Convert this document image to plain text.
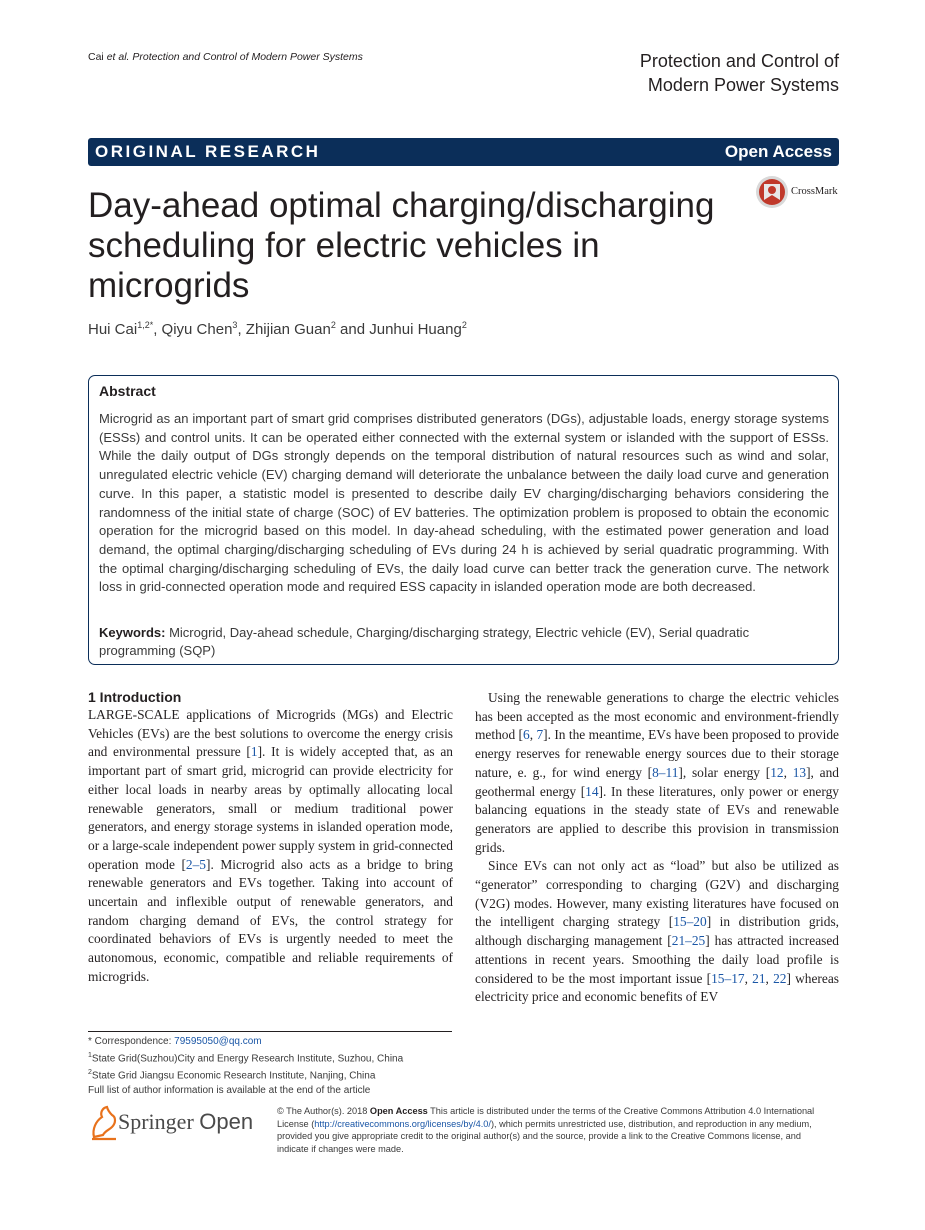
Cai et al. Protection and Control of Modern Power Systems	Protection and Control of
Modern Power Systems
ORIGINAL RESEARCH	Open Access
Day-ahead optimal charging/discharging scheduling for electric vehicles in microgrids
CrossMark
Hui Cai$^{1,2*}$, Qiyu Chen$^3$, Zhijian Guan$^2$ and Junhui Huang$^2$
Abstract
Microgrid as an important part of smart grid comprises distributed generators (DGs), adjustable loads, energy storage systems (ESSs) and control units. It can be operated either connected with the external system or islanded with the support of ESSs. While the daily output of DGs strongly depends on the temporal distribution of natural resources such as wind and solar, unregulated electric vehicle (EV) charging demand will deteriorate the unbalance between the daily load curve and generation curve. In this paper, a statistic model is presented to describe daily EV charging/discharging behaviors considering the randomness of the initial state of charge (SOC) of EV batteries. The optimization problem is proposed to obtain the economic operation for the microgrid based on this model. In day-ahead scheduling, with the estimated power generation and load demand, the optimal charging/discharging scheduling of EVs during 24 h is achieved by serial quadratic programming. With the optimal charging/discharging scheduling of EVs, the daily load curve can better track the generation curve. The network loss in grid-connected operation mode and required ESS capacity in islanded operation mode are both decreased.
Keywords: Microgrid, Day-ahead schedule, Charging/discharging strategy, Electric vehicle (EV), Serial quadratic programming (SQP)
1 Introduction

LARGE-SCALE applications of Microgrids (MGs) and Electric Vehicles (EVs) are the best solutions to overcome the energy crisis and environmental pressure [1]. It is widely accepted that, as an important part of smart grid, microgrid can provide electricity for either local loads in nearby areas by optimally allocating local renewable generators, small or medium traditional power generators, and energy storage systems in islanded operation mode, or a large-scale independent power supply system in grid-connected operation mode [2–5]. Microgrid also acts as a bridge to bring renewable generators and EVs together. Taking into account of uncertain and inflexible output of renewable generators, and random charging demand of EVs, the control strategy for coordinated behaviors of EVs is urgently needed to meet the autonomous, economic, compatible and reliable requirements of microgrids.

Using the renewable generations to charge the electric vehicles has been accepted as the most economic and environment-friendly method [6, 7]. In the meantime, EVs have been proposed to provide energy reserves for renewable energy sources due to their storage nature, e. g., for wind energy [8–11], solar energy [12, 13], and geothermal energy [14]. In these literatures, only power or energy balancing equations in the steady state of EVs and renewable generators are applied to describe this provision in transmission grids.

Since EVs can not only act as “load” but also be utilized as “generator” corresponding to charging (G2V) and discharging (V2G) modes. However, many existing literatures have focused on the intelligent charging strategy [15–20] in distribution grids, although discharging management [21–25] has attracted increased attentions in recent years. Smoothing the daily load profile is considered to be the most important issue [15–17, 21, 22] whereas electricity price and economic benefits of EV

* Correspondence: 79595050@qq.com
$^1$State Grid(Suzhou)City and Energy Research Institute, Suzhou, China
$^2$State Grid Jiangsu Economic Research Institute, Nanjing, China
Full list of author information is available at the end of the article
Springer Open	© The Author(s). 2018 Open Access This article is distributed under the terms of the Creative Commons Attribution 4.0 International License (http://creativecommons.org/licenses/by/4.0/), which permits unrestricted use, distribution, and reproduction in any medium, provided you give appropriate credit to the original author(s) and the source, provide a link to the Creative Commons license, and indicate if changes were made.
